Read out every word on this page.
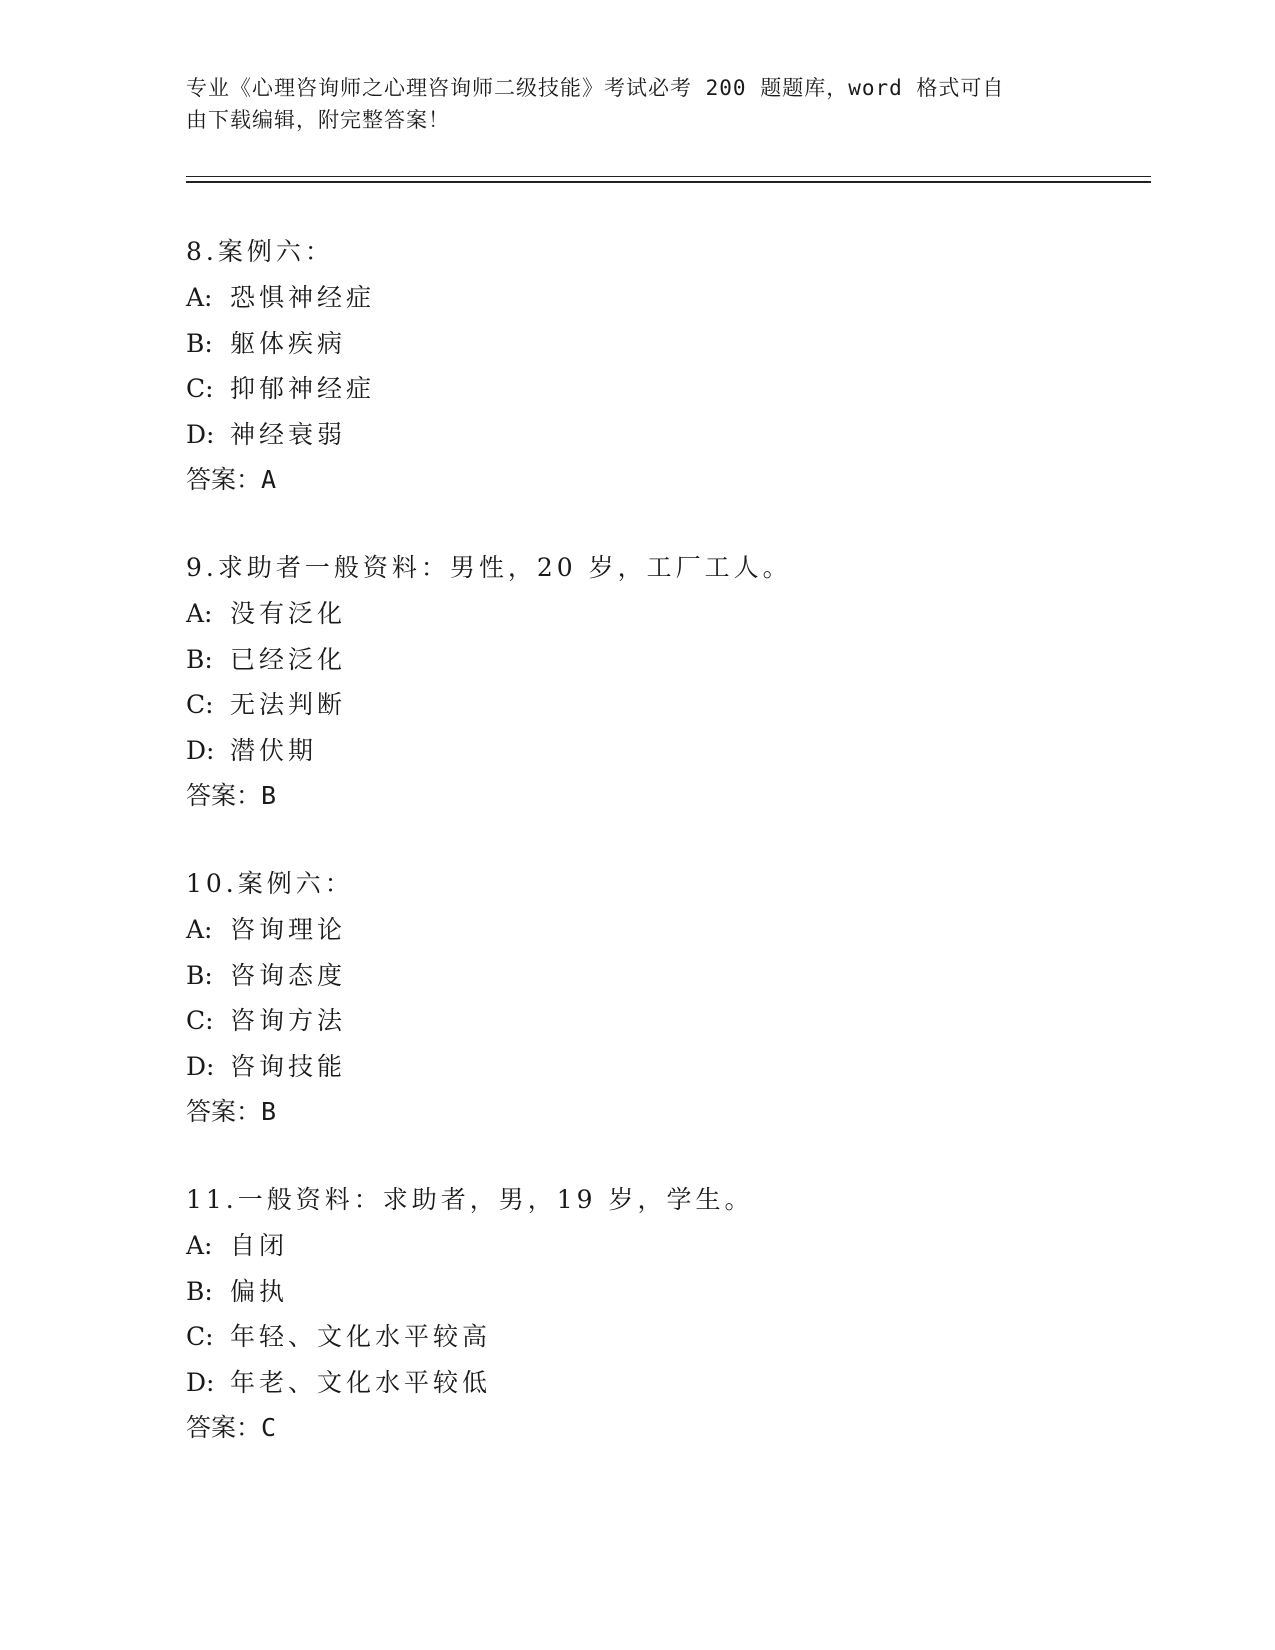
专业《心理咨询师之心理咨询师二级技能》考试必考 200 题题库，word 格式可自
由下载编辑，附完整答案！
8.案例六：
A: 恐惧神经症
B: 躯体疾病
C: 抑郁神经症
D: 神经衰弱
答案：A
9.求助者一般资料：男性，20 岁，工厂工人。
A: 没有泛化
B: 已经泛化
C: 无法判断
D: 潜伏期
答案：B
10.案例六：
A: 咨询理论
B: 咨询态度
C: 咨询方法
D: 咨询技能
答案：B
11.一般资料：求助者，男，19 岁，学生。
A: 自闭
B: 偏执
C: 年轻、文化水平较高
D: 年老、文化水平较低
答案：C
